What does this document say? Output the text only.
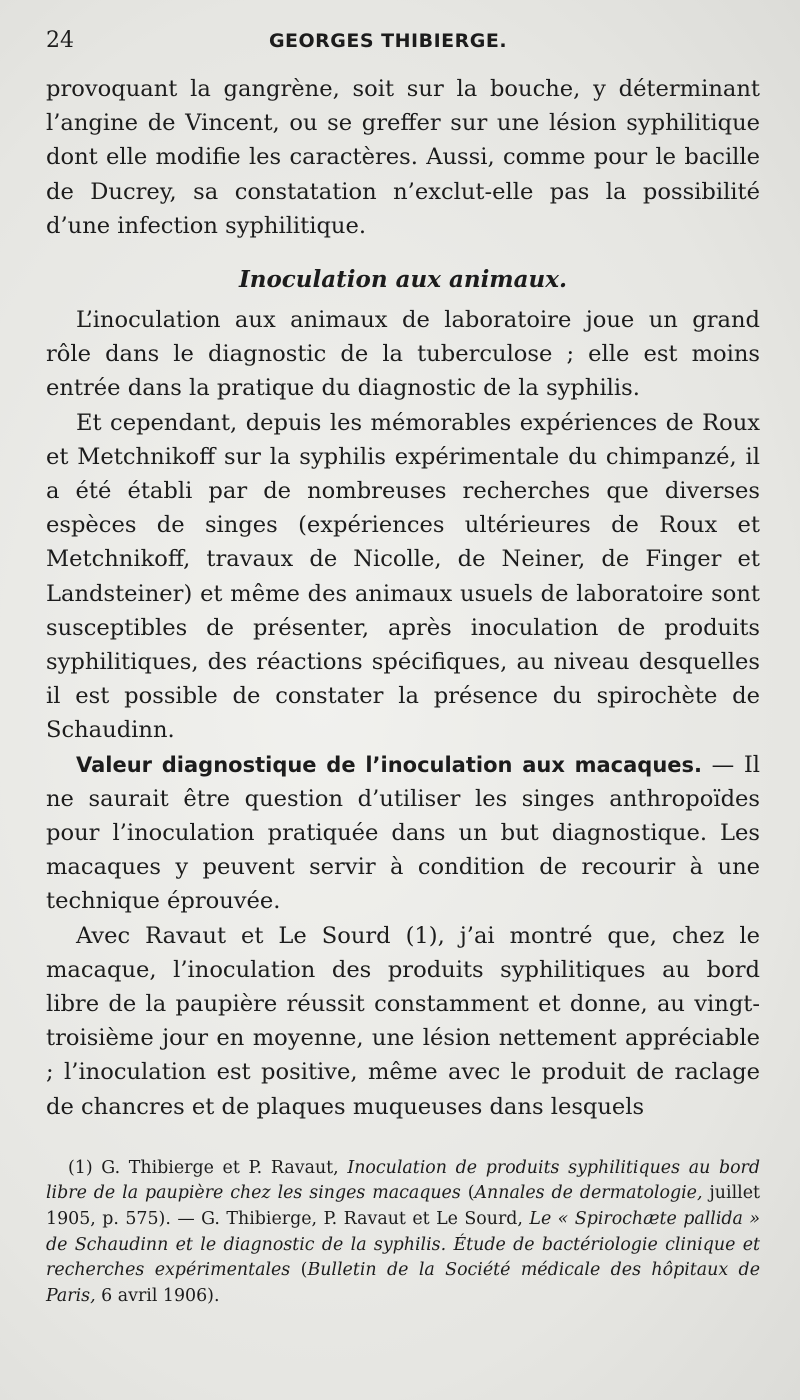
24	GEORGES THIBIERGE.

provoquant la gangrène, soit sur la bouche, y déterminant l’angine de Vincent, ou se greffer sur une lésion syphilitique dont elle modifie les caractères. Aussi, comme pour le bacille de Ducrey, sa constatation n’exclut-elle pas la possibilité d’une infection syphilitique.

Inoculation aux animaux.

L’inoculation aux animaux de laboratoire joue un grand rôle dans le diagnostic de la tuberculose ; elle est moins entrée dans la pratique du diagnostic de la syphilis.

Et cependant, depuis les mémorables expériences de Roux et Metchnikoff sur la syphilis expérimentale du chimpanzé, il a été établi par de nombreuses recherches que diverses espèces de singes (expériences ultérieures de Roux et Metchnikoff, travaux de Nicolle, de Neiner, de Finger et Landsteiner) et même des animaux usuels de laboratoire sont susceptibles de présenter, après inoculation de produits syphilitiques, des réactions spécifiques, au niveau desquelles il est possible de constater la présence du spirochète de Schaudinn.

Valeur diagnostique de l’inoculation aux macaques. — Il ne saurait être question d’utiliser les singes anthropoïdes pour l’inoculation pratiquée dans un but diagnostique. Les macaques y peuvent servir à condition de recourir à une technique éprouvée.

Avec Ravaut et Le Sourd (1), j’ai montré que, chez le macaque, l’inoculation des produits syphilitiques au bord libre de la paupière réussit constamment et donne, au vingt-troisième jour en moyenne, une lésion nettement appréciable ; l’inoculation est positive, même avec le produit de raclage de chancres et de plaques muqueuses dans lesquels

(1) G. Thibierge et P. Ravaut, Inoculation de produits syphilitiques au bord libre de la paupière chez les singes macaques (Annales de dermatologie, juillet 1905, p. 575). — G. Thibierge, P. Ravaut et Le Sourd, Le « Spirochæte pallida » de Schaudinn et le diagnostic de la syphilis. Étude de bactériologie clinique et recherches expérimentales (Bulletin de la Société médicale des hôpitaux de Paris, 6 avril 1906).
